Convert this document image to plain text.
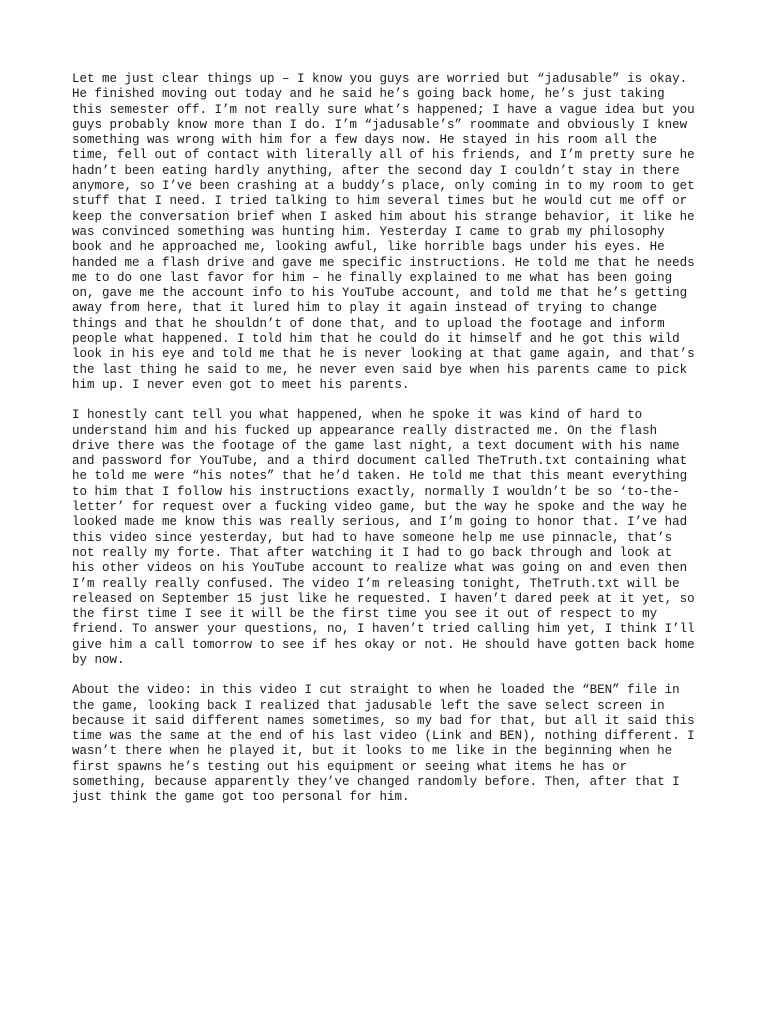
Let me just clear things up – I know you guys are worried but “jadusable” is okay.
He finished moving out today and he said he’s going back home, he’s just taking
this semester off. I’m not really sure what’s happened; I have a vague idea but you
guys probably know more than I do. I’m “jadusable’s” roommate and obviously I knew
something was wrong with him for a few days now. He stayed in his room all the
time, fell out of contact with literally all of his friends, and I’m pretty sure he
hadn’t been eating hardly anything, after the second day I couldn’t stay in there
anymore, so I’ve been crashing at a buddy’s place, only coming in to my room to get
stuff that I need. I tried talking to him several times but he would cut me off or
keep the conversation brief when I asked him about his strange behavior, it like he
was convinced something was hunting him. Yesterday I came to grab my philosophy
book and he approached me, looking awful, like horrible bags under his eyes. He
handed me a flash drive and gave me specific instructions. He told me that he needs
me to do one last favor for him – he finally explained to me what has been going
on, gave me the account info to his YouTube account, and told me that he’s getting
away from here, that it lured him to play it again instead of trying to change
things and that he shouldn’t of done that, and to upload the footage and inform
people what happened. I told him that he could do it himself and he got this wild
look in his eye and told me that he is never looking at that game again, and that’s
the last thing he said to me, he never even said bye when his parents came to pick
him up. I never even got to meet his parents.

I honestly cant tell you what happened, when he spoke it was kind of hard to
understand him and his fucked up appearance really distracted me. On the flash
drive there was the footage of the game last night, a text document with his name
and password for YouTube, and a third document called TheTruth.txt containing what
he told me were “his notes” that he’d taken. He told me that this meant everything
to him that I follow his instructions exactly, normally I wouldn’t be so ‘to-the-
letter’ for request over a fucking video game, but the way he spoke and the way he
looked made me know this was really serious, and I’m going to honor that. I’ve had
this video since yesterday, but had to have someone help me use pinnacle, that’s
not really my forte. That after watching it I had to go back through and look at
his other videos on his YouTube account to realize what was going on and even then
I’m really really confused. The video I’m releasing tonight, TheTruth.txt will be
released on September 15 just like he requested. I haven’t dared peek at it yet, so
the first time I see it will be the first time you see it out of respect to my
friend. To answer your questions, no, I haven’t tried calling him yet, I think I’ll
give him a call tomorrow to see if hes okay or not. He should have gotten back home
by now.

About the video: in this video I cut straight to when he loaded the “BEN” file in
the game, looking back I realized that jadusable left the save select screen in
because it said different names sometimes, so my bad for that, but all it said this
time was the same at the end of his last video (Link and BEN), nothing different. I
wasn’t there when he played it, but it looks to me like in the beginning when he
first spawns he’s testing out his equipment or seeing what items he has or
something, because apparently they’ve changed randomly before. Then, after that I
just think the game got too personal for him.
